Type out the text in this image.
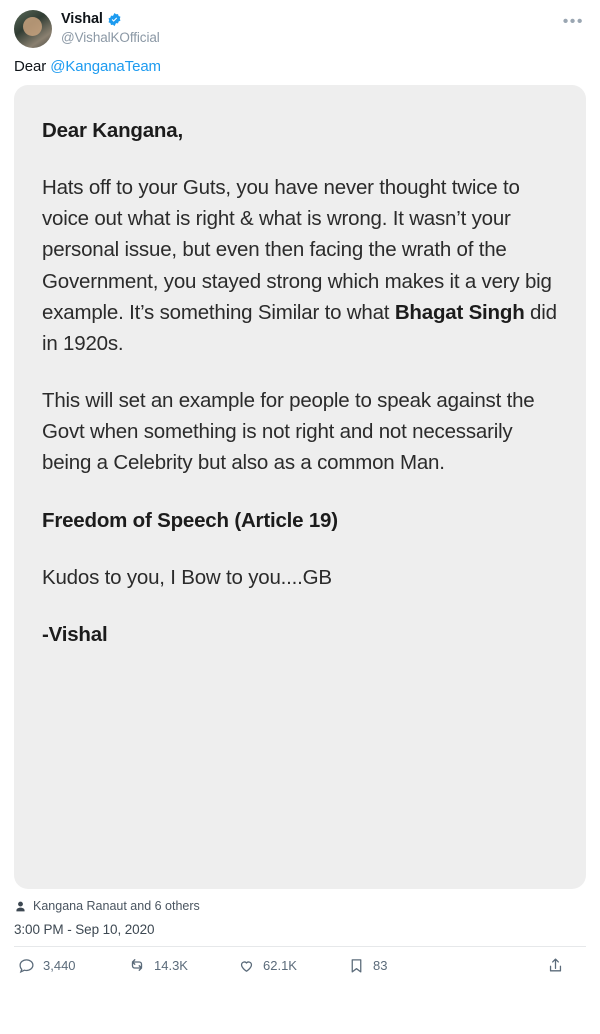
•••
Vishal
@VishalKOfficial
Dear @KanganaTeam

Dear Kangana,

Hats off to your Guts, you have never thought twice to voice out what is right & what is wrong. It wasn’t your personal issue, but even then facing the wrath of the Government, you stayed strong which makes it a very big example. It’s something Similar to what Bhagat Singh did in 1920s.

This will set an example for people to speak against the Govt when something is not right and not necessarily being a Celebrity but also as a common Man.

Freedom of Speech (Article 19)

Kudos to you, I Bow to you....GB

-Vishal

Kangana Ranaut and 6 others
3:00 PM - Sep 10, 2020
3,440	14.3K	62.1K	83
